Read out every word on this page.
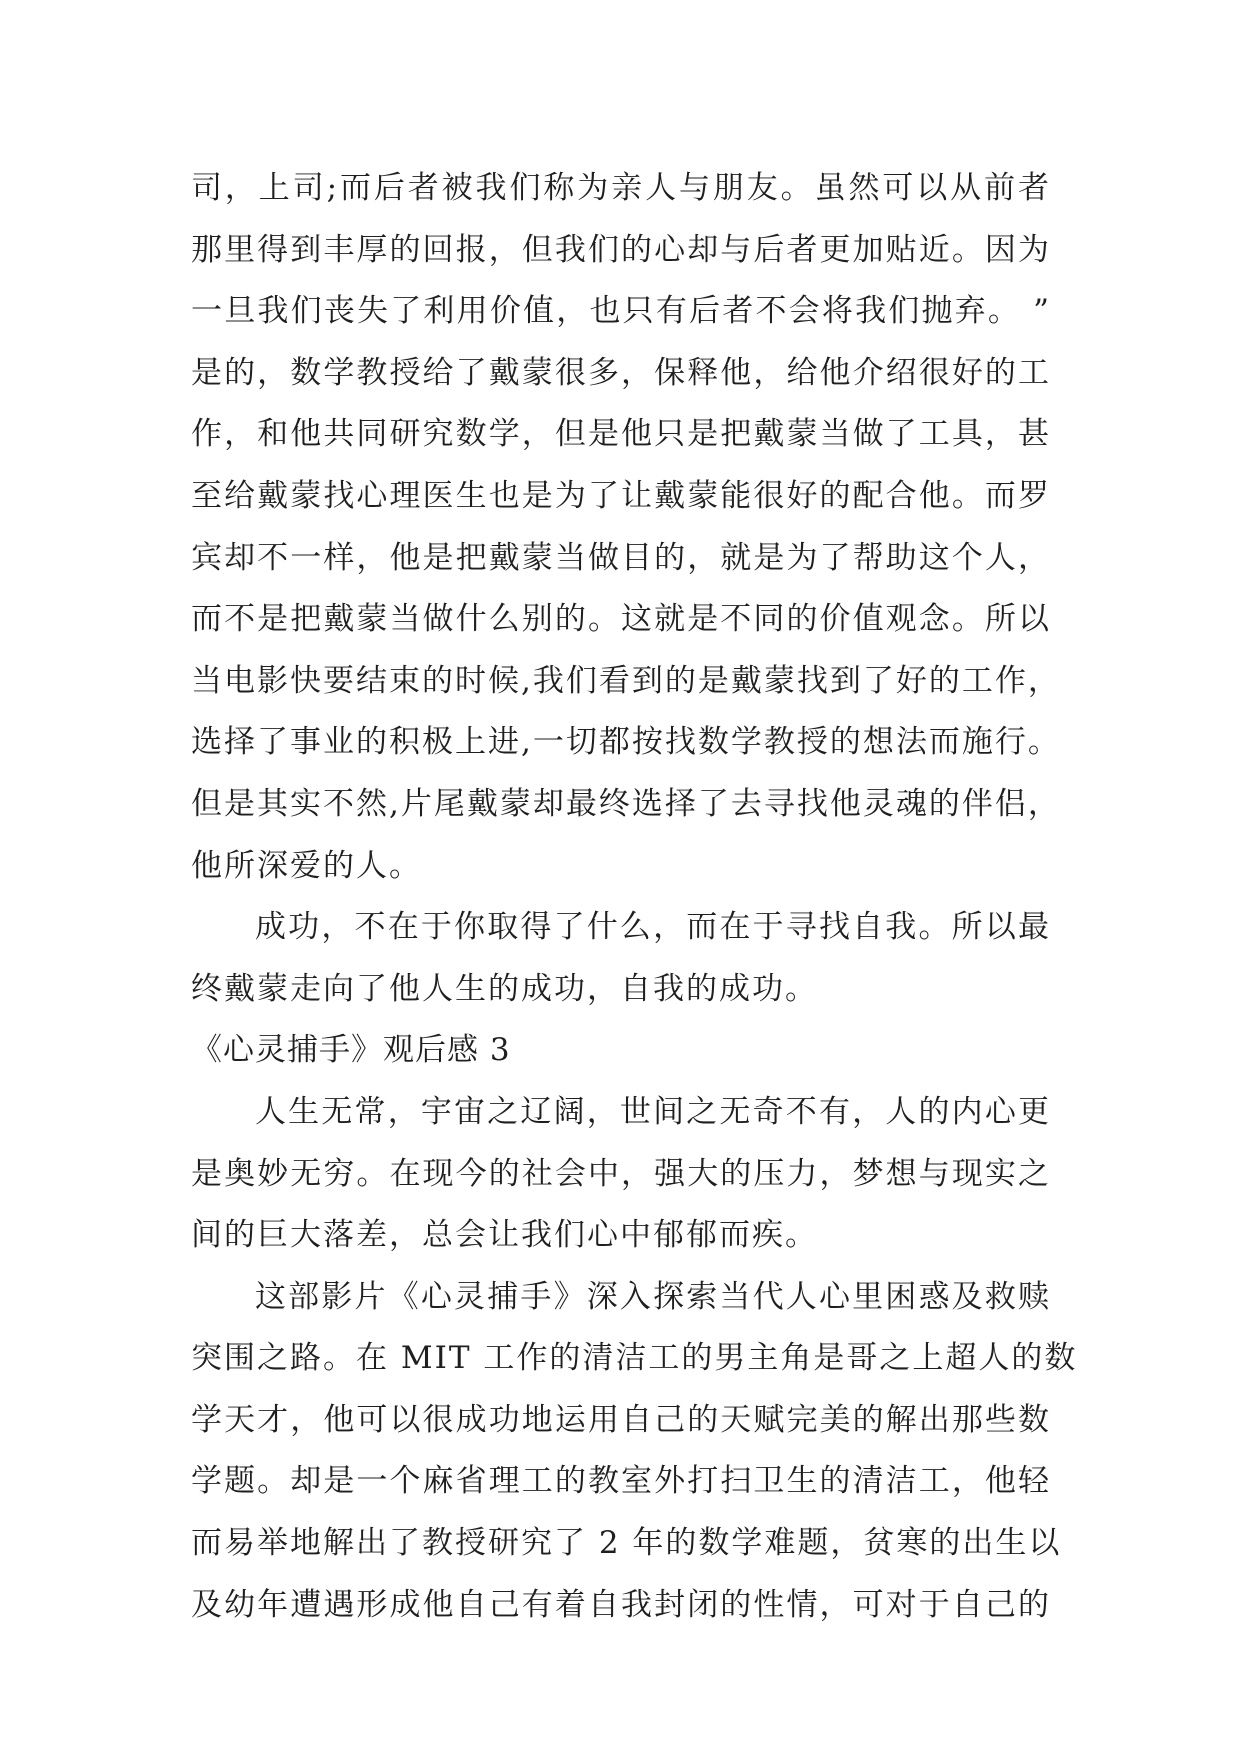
司，上司;而后者被我们称为亲人与朋友。虽然可以从前者
那里得到丰厚的回报，但我们的心却与后者更加贴近。因为
一旦我们丧失了利用价值，也只有后者不会将我们抛弃。 ”
是的，数学教授给了戴蒙很多，保释他，给他介绍很好的工
作，和他共同研究数学，但是他只是把戴蒙当做了工具，甚
至给戴蒙找心理医生也是为了让戴蒙能很好的配合他。而罗
宾却不一样，他是把戴蒙当做目的，就是为了帮助这个人，
而不是把戴蒙当做什么别的。这就是不同的价值观念。所以
当电影快要结束的时候,我们看到的是戴蒙找到了好的工作，
选择了事业的积极上进,一切都按找数学教授的想法而施行。
但是其实不然,片尾戴蒙却最终选择了去寻找他灵魂的伴侣，
他所深爱的人。
成功，不在于你取得了什么，而在于寻找自我。所以最
终戴蒙走向了他人生的成功，自我的成功。
《心灵捕手》观后感 3
人生无常，宇宙之辽阔，世间之无奇不有，人的内心更
是奥妙无穷。在现今的社会中，强大的压力，梦想与现实之
间的巨大落差，总会让我们心中郁郁而疾。
这部影片《心灵捕手》深入探索当代人心里困惑及救赎
突围之路。在 MIT 工作的清洁工的男主角是哥之上超人的数
学天才，他可以很成功地运用自己的天赋完美的解出那些数
学题。却是一个麻省理工的教室外打扫卫生的清洁工，他轻
而易举地解出了教授研究了 2 年的数学难题，贫寒的出生以
及幼年遭遇形成他自己有着自我封闭的性情，可对于自己的
